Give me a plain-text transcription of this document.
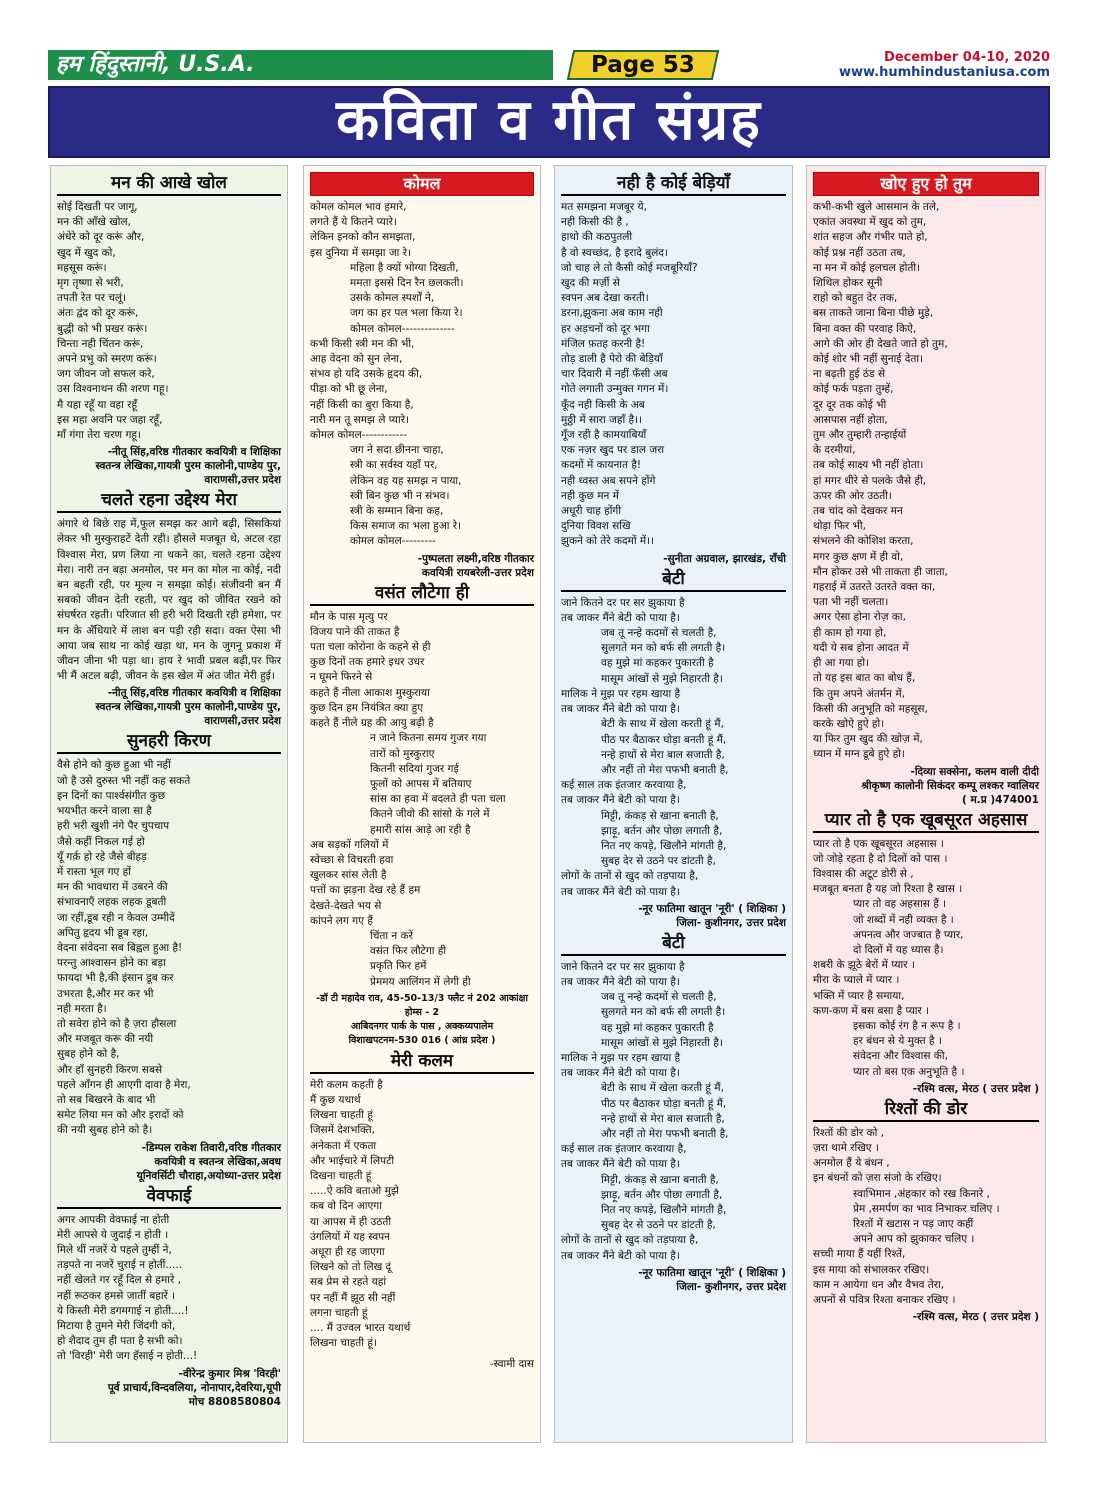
हम हिंदुस्तानी, U.S.A.	Page 53	December 04-10, 2020
www.humhindustaniusa.com
कविता व गीत संग्रह
मन की आखे खोल
सोई दिखती पर जागू,
मन की आँखे खोल,
अंधेरे को दूर करूं और,
खुद में खुद को,
महसूस करूं।
मृग तृष्णा से भरी,
तपती रेत पर चलूं।
अंतः द्वंद को दूर करूं,
बुद्धी को भी प्रखर करूं।
चिन्ता नही चिंतन करूं,
अपने प्रभु को स्मरण करूं।
जग जीवन जो सफल करे,
उस विश्वनाथन की शरण गहू।
मै यहा रहूँ या वहा रहूँ
इस महा अवनि पर जहा रहूँ,
माँ गंगा तेरा चरण गहू।
-नीतू सिंह,वरिष्ठ गीतकार कवयित्री व शिक्षिका
स्वतन्त्र लेखिका,गायत्री पुरम कालोनी,पाण्डेय पुर,
वाराणसी,उत्तर प्रदेश
चलते रहना उद्देश्य मेरा
अंगारे थे बिछे राह में,फूल समझ कर आगे बढ़ी, सिसकियां लेकर भी मुस्कुराहटें देती रही। हौसले मजबूत थे, अटल रहा विश्वास मेरा, प्रण लिया ना थकने का, चलते रहना उद्देश्य मेरा। नारी तन बड़ा अनमोल, पर मन का मोल ना कोई, नदी बन बहती रही, पर मूल्य न समझा कोई। संजीवनी बन मैं सबको जीवन देती रहती, पर खुद को जीवित रखने को संघर्षरत रहती। परिजात सी हरी भरी दिखती रही हमेशा, पर मन के अँधियारे में लाश बन पड़ी रही सदा। वक्त ऐसा भी आया जब साथ ना कोई खड़ा था, मन के जुगनू प्रकाश में जीवन जीना भी पड़ा था। हाय रे भावी प्रबल बढ़ी,पर फिर भी मैं अटल बढ़ी, जीवन के इस खेल में अंत जीत मेरी हुई।
-नीतू सिंह,वरिष्ठ गीतकार कवयित्री व शिक्षिका
स्वतन्त्र लेखिका,गायत्री पुरम कालोनी,पाण्डेय पुर,
वाराणसी,उत्तर प्रदेश
सुनहरी किरण
वैसे होने को कुछ हुआ भी नहीं
जो है उसे दुरुस्त भी नहीं कह सकते
इन दिनों का पार्श्वसंगीत कुछ
भयभीत करने वाला सा है
हरी भरी खुशी नंगे पैर चुपचाप
जैसे कहीं निकल गई हो
यूँ गर्क़ हो रहे जैसे बीहड़
में रास्ता भूल गए हों
मन की भावधारा में उबरने की
संभावनाएँ लहक लहक डूबती
जा रहीं,डूब रही न केवल उम्मीदें
अपितु हृदय भी डूब रहा,
वेदना संवेदना सब बिह्वल हुआ है!
परन्तु आश्वासन होने का बड़ा
फायदा भी है,की इंसान डूब कर
उभरता है,और मर कर भी
नही मरता है।
तो सवेरा होने को है ज़रा हौसला
और मजबूत करू की नयी
सुबह होने को है,
और हाँ सुनहरी किरण सबसे
पहले आँगन ही आएगी दावा है मेरा,
तो सब बिखरने के बाद भी
समेट लिया मन को और इरादों को
की नयी सुबह होने को है।
-डिम्पल राकेश तिवारी,वरिष्ठ गीतकार
कवयित्री व स्वतन्त्र लेखिका,अवध
यूनिवर्सिटी चौराहा,अयोध्या-उत्तर प्रदेश
वेवफाई
अगर आपकी वेवफाई ना होती
मेरी आपसे ये जुदाई न होती ।
मिले थीं नजरें ये पहले तुम्हीं ने,
तड़पते ना नजरें चुराई न होतीं.....
नहीं खेलते गर रहूँ दिल से हमारे ,
नहीं रूठकर हमसे जातीं बहारें ।
ये किस्ती मेरी डगमगाई न होती....!
मिटाया है तुमने मेरी जिंदगी को,
हो शैदाद तुम ही पता है सभी को।
तो 'विरही' मेरी जग हँसाई न होती...!
-वीरेन्द्र कुमार मिश्र 'विरही'
पूर्व प्राचार्य,विन्दवलिया, नोनापार,देवरिया,यूपी
मोच 8808580804
कोमल
कोमल कोमल भाव हमारे,
लगते हैं ये कितने प्यारे।
लेकिन इनको कौन समझता,
इस दुनिया में समझा जा रे।
महिला है क्यों भोग्या दिखती,
ममता इससे दिन रैन छलकती।
उसके कोमल स्पर्शों ने,
जग का हर पल भला किया रे।
कोमल कोमल--------------
कभी किसी स्त्री मन की भी,
आह वेदना को सुन लेना,
संभव हो यदि उसके हृदय की,
पीड़ा को भी छू लेना,
नहीं किसी का बुरा किया है,
नारी मन तू समझ ले प्यारे।
कोमल कोमल------------
जग ने सदा छीनना चाहा,
स्त्री का सर्वस्व यहाँ पर,
लेकिन वह यह समझ न पाया,
स्त्री बिन कुछ भी न संभव।
स्त्री के सम्मान बिना कह,
किस समाज का भला हुआ रे।
कोमल कोमल---------
-पुष्पलता लक्ष्मी,वरिष्ठ गीतकार
कवयित्री रायबरेली-उत्तर प्रदेश
वसंत लौटेगा ही
मौन के पास मृत्यु पर
विजय पाने की ताकत है
पता चला कोरोना के कहने से ही
कुछ दिनों तक हमारे इधर उधर
न घूमने फिरने से
कहते हैं नीला आकाश मुस्कुराया
कुछ दिन हम नियंत्रित क्या हुए
कहते हैं नीले ग्रह की आयु बढ़ी है
न जाने कितना समय गुजर गया
तारों को मुस्कुराए
कितनी सदियां गुजर गई
फूलों को आपस में बतियाए
सांस का हवा में बदलते ही पता चला
कितने जीवो की सांसो के गले में
हमारी सांस आड़े आ रही है
अब सड़कों गलियों में
स्वेच्छा से विचरती हवा
खुलकर सांस लेती है
पत्तों का झड़ना देख रहे हैं हम
देखते-देखते भय से
कांपने लग गए हैं
चिंता न करें
वसंत फिर लौटेगा ही
प्रकृति फिर हमें
प्रेममय आलिंगन में लेगी ही
-डॉ टी महादेव राव, 45-50-13/3 फ्लैट नं 202 आकांक्षा होम्स - 2
आबिदनगर पार्क के पास , अक्कय्यपालेम
विशाखपटनम-530 016 ( आंध्र प्रदेश )
मेरी कलम
मेरी कलम कहती है
मैं कुछ यथार्थ
लिखना चाहती हूं
जिसमें देशभक्ति,
अनेकता में एकता
और भाईचारे में लिपटी
दिखना चाहती हूं
.....ऐ कवि बताओ मुझे
कब वो दिन आएगा
या आपस में ही उठती
उंगलियों में यह स्वपन
अधूरा ही रह जाएगा
लिखने को तो लिख दूं
सब प्रेम से रहते यहां
पर नहीं मैं झूठ सी नहीं
लगना चाहती हूं
.... मैं उज्वल भारत यथार्थ
लिखना चाहती हूं।
-स्वामी दास
नही है कोई बेड़ियाँ
मत समझना मजबूर ये,
नही किसी की है ,
हाथो की कठपुतली
है वो स्वच्छंद, है इरादे बुलंद।
जो चाह ले तो कैसी कोई मजबूरियाँ?
खुद की मर्ज़ी से
स्वपन अब देखा करती।
डरना,झुकना अब काम नही
हर अड़चनों को दूर भगा
मंजिल फ़तह करनी है!
तोड़ डाली है पेरो की बेड़ियाँ
चार दिवारी में नहीं फँसी अब
गोते लगाती उन्मुक्त गगन में।
कूँद नही किसी के अब
मुठ्ठी में सारा जहाँ है।।
गूँज रही है कामयाबियाँ
एक नज़र खुद पर डाल जरा
कदमों में कायनात है!
नही ध्वस्त अब सपने होंगे
नही कुछ मन में
अधूरी चाह होंगी
दुनिया विवश सखि
झुकने को तेरे कदमों में।।
-सुनीता अग्रवाल, झारखंड, राँची
बेटी
जाने कितने दर पर सर झुकाया है
तब जाकर मैंने बेटी को पाया है।
जब तू नन्हे कदमों से चलती है,
सुलगते मन को बर्फ सी लगती है।
वह मुझे मां कहकर पुकारती है
मासूम आंखों से मुझे निहारती है।
मालिक ने मुझ पर रहम खाया है
तब जाकर मैंने बेटी को पाया है।
बेटी के साथ में खेला करती हूं मैं,
पीठ पर बैठाकर घोड़ा बनती हूं मैं,
नन्हे हाथों से मेरा बाल सजाती है,
और नहीं तो मेरा पफभी बनाती है,
कई साल तक इंतजार करवाया है,
तब जाकर मैंने बेटी को पाया है।
मिट्टी, कंकड़ से खाना बनाती है,
झाड़ू, बर्तन और पोछा लगाती है,
नित नए कपड़े, खिलौने मांगती है,
सुबह देर से उठने पर डांटती है,
लोगों के तानों से खुद को तड़पाया है,
तब जाकर मैंने बेटी को पाया है।
-नूर फातिमा खातून 'नूरी' ( शिक्षिका )
जिला- कुशीनगर, उत्तर प्रदेश
बेटी
जाने कितने दर पर सर झुकाया है
तब जाकर मैंने बेटी को पाया है।
जब तू नन्हे कदमों से चलती है,
सुलगते मन को बर्फ सी लगती है।
वह मुझे मां कहकर पुकारती है
मासूम आंखों से मुझे निहारती है।
मालिक ने मुझ पर रहम खाया है
तब जाकर मैंने बेटी को पाया है।
बेटी के साथ में खेला करती हूं मैं,
पीठ पर बैठाकर घोड़ा बनती हूं मैं,
नन्हे हाथों से मेरा बाल सजाती है,
और नहीं तो मेरा पफभी बनाती है,
कई साल तक इंतजार करवाया है,
तब जाकर मैंने बेटी को पाया है।
मिट्टी, कंकड़ से खाना बनाती है,
झाड़ू, बर्तन और पोछा लगाती है,
नित नए कपड़े, खिलौने मांगती है,
सुबह देर से उठने पर डांटती है,
लोगों के तानों से खुद को तड़पाया है,
तब जाकर मैंने बेटी को पाया है।
-नूर फातिमा खातून 'नूरी' ( शिक्षिका )
जिला- कुशीनगर, उत्तर प्रदेश
खोए हुए हो तुम
कभी-कभी खुले आसमान के तले,
एकांत अवस्था में खुद को तुम,
शांत सहज और गंभीर पाते हो,
कोई प्रश्न नहीं उठता तब,
ना मन में कोई हलचल होती।
शिथिल होकर सूनी
राहो को बहुत देर तक,
बस ताकते जाना बिना पीछे मुड़े,
बिना वक्त की परवाह किऐ,
आगे की ओर ही देखते जाते हो तुम,
कोई शोर भी नहीं सुनाई देता।
ना बढ़ती हुई ठंड से
कोई फर्क पड़ता तुम्हें,
दूर दूर तक कोई भी
आसपास नहीं होता,
तुम और तुम्हारी तन्हाईयों
के दरमीयां,
तब कोई साक्ष्य भी नहीं होता।
हां मगर धीरे से पलके जैसे ही,
ऊपर की ओर उठती।
तब चांद को देखकर मन
थोड़ा फिर भी,
संभलने की कोशिश करता,
मगर कुछ क्षण में ही वो,
मौन होकर उसे भी ताकता ही जाता,
गहराई में उतरते उतरते वक्त का,
पता भी नहीं चलता।
अगर ऐसा होना रोज़ का,
ही काम हो गया हो,
यदी ये सब होना आदत में
ही आ गया हो।
तो यह इस बात का बोध हैं,
कि तुम अपने अंतर्मन में,
किसी की अनुभूति को महसूस,
करके खोऐ हुऐ हो।
या फिर तुम खुद की खोज़ में,
ध्यान में मग्न डूबे हुऐ हो।
-दिव्या सक्सेना, कलम वाली दीदी
श्रीकृष्ण कालोनी सिकंदर कम्पू लश्कर ग्वालियर
( म.प्र )474001
प्यार तो है एक खूबसूरत अहसास
प्यार तो है एक खूबसूरत अहसास ।
जो जोड़े रहता है दो दिलों को पास ।
विश्वास की अटूट डोरी से ,
मजबूत बनता है यह जो रिश्ता है खास ।
प्यार तो वह अहसास हैं ।
जो शब्दों में नही व्यक्त है ।
अपनत्व और जज्बात है प्यार,
दो दिलों में यह ध्यास है।
शबरी के झूठे बेरों में प्यार ।
मीरा के प्याले में प्यार ।
भक्ति में प्यार है समाया,
कण-कण में बस बसा है प्यार ।
इसका कोई रंग है न रूप है ।
हर बंधन से ये मुक्त है ।
संवेदना और विश्वास की,
प्यार तो बस एक अनुभूति है ।
-रश्मि वत्स, मेरठ ( उत्तर प्रदेश )
रिश्तों की डोर
रिश्तों की डोर को ,
ज़रा थामे रखिए ।
अनमोल हैं ये बंधन ,
इन बंधनों को ज़रा संजो के रखिए।
स्वाभिमान ,अंहकार को रख किनारे ,
प्रेम ,समर्पण का भाव निभाकर चलिए ।
रिश्तों में खटास न पड़ जाए कहीं
अपने आप को झुकाकर चलिए ।
सच्ची माया हैं यहीं रिश्तें,
इस माया को संभालकर रखिए।
काम न आयेगा धन और वैभव तेरा,
अपनों से पवित्र रिश्ता बनाकर रखिए ।
-रश्मि वत्स, मेरठ ( उत्तर प्रदेश )
